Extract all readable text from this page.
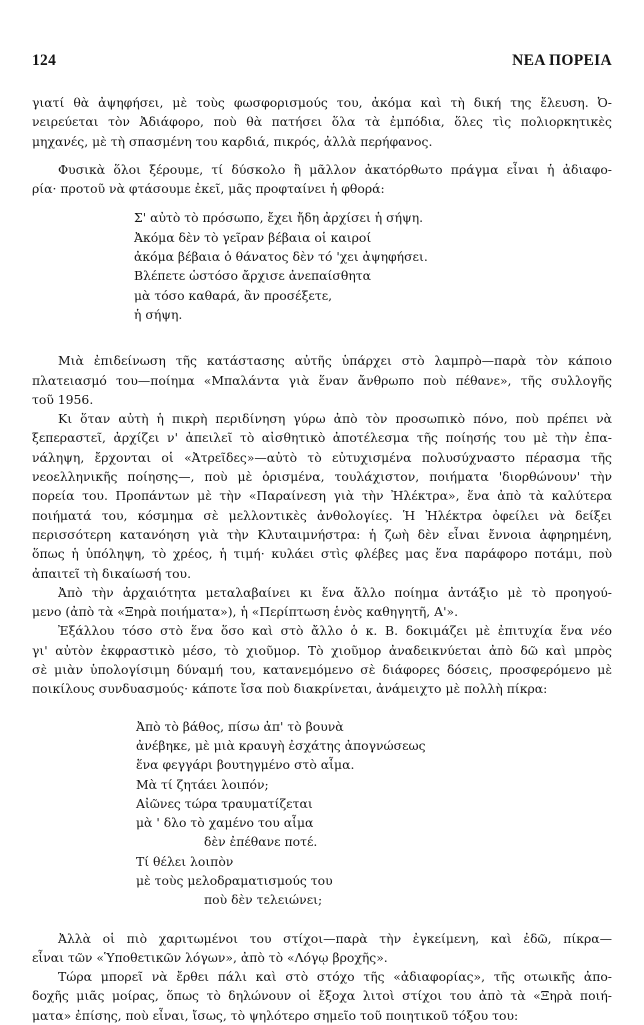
124	ΝΕΑ ΠΟΡΕΙΑ
γιατί θὰ ἀψηφήσει, μὲ τοὺς φωσφορισμούς του, ἀκόμα καὶ τὴ δική της ἔλευση. Ὀ-
νειρεύεται τὸν Ἀδιάφορο, ποὺ θὰ πατήσει ὅλα τὰ ἐμπόδια, ὅλες τὶς πολιορκητικὲς
μηχανές, μὲ τὴ σπασμένη του καρδιά, πικρός, ἀλλὰ περήφανος.
Φυσικὰ ὅλοι ξέρουμε, τί δύσκολο ἢ μᾶλλον ἀκατόρθωτο πράγμα εἶναι ἡ ἀδιαφο-
ρία· προτοῦ νὰ φτάσουμε ἐκεῖ, μᾶς προφταίνει ἡ φθορά:
Σ' αὐτὸ τὸ πρόσωπο, ἔχει ἤδη ἀρχίσει ἡ σήψη.
Ἀκόμα δὲν τὸ γεῖραν βέβαια οἱ καιροί
ἀκόμα βέβαια ὁ θάνατος δὲν τό 'χει ἀψηφήσει.
Βλέπετε ὡστόσο ἄρχισε ἀνεπαίσθητα
μὰ τόσο καθαρά, ἂν προσέξετε,
ἡ σήψη.
Μιὰ ἐπιδείνωση τῆς κατάστασης αὐτῆς ὑπάρχει στὸ λαμπρὸ—παρὰ τὸν κάποιο
πλατειασμό του—ποίημα «Μπαλάντα γιὰ ἕναν ἄνθρωπο ποὺ πέθανε», τῆς συλλογῆς
τοῦ 1956.
Κι ὅταν αὐτὴ ἡ πικρὴ περιδίνηση γύρω ἀπὸ τὸν προσωπικὸ πόνο, ποὺ πρέπει νὰ
ξεπεραστεῖ, ἀρχίζει ν' ἀπειλεῖ τὸ αἰσθητικὸ ἀποτέλεσμα τῆς ποίησής του μὲ τὴν ἐπα-
νάληψη, ἔρχονται οἱ «Ἀτρεῖδες»—αὐτὸ τὸ εὐτυχισμένα πολυσύχναστο πέρασμα τῆς
νεοελληνικῆς ποίησης—, ποὺ μὲ ὁρισμένα, τουλάχιστον, ποιήματα 'διορθώνουν' τὴν
πορεία του. Προπάντων μὲ τὴν «Παραίνεση γιὰ τὴν Ἠλέκτρα», ἕνα ἀπὸ τὰ καλύτερα
ποιήματά του, κόσμημα σὲ μελλοντικὲς ἀνθολογίες. Ἡ Ἠλέκτρα ὀφείλει νὰ δείξει
περισσότερη κατανόηση γιὰ τὴν Κλυταιμνήστρα: ἡ ζωὴ δὲν εἶναι ἔννοια ἀφηρημένη,
ὅπως ἡ ὑπόληψη, τὸ χρέος, ἡ τιμή· κυλάει στὶς φλέβες μας ἕνα παράφορο ποτάμι, ποὺ
ἀπαιτεῖ τὴ δικαίωσή του.
Ἀπὸ τὴν ἀρχαιότητα μεταλαβαίνει κι ἕνα ἄλλο ποίημα ἀντάξιο μὲ τὸ προηγού-
μενο (ἀπὸ τὰ «Ξηρὰ ποιήματα»), ἡ «Περίπτωση ἑνὸς καθηγητῆ, Α'».
Ἐξάλλου τόσο στὸ ἕνα ὅσο καὶ στὸ ἄλλο ὁ κ. Β. δοκιμάζει μὲ ἐπιτυχία ἕνα νέο
γι' αὐτὸν ἐκφραστικὸ μέσο, τὸ χιοῦμορ. Τὸ χιοῦμορ ἀναδεικνύεται ἀπὸ δῶ καὶ μπρὸς
σὲ μιὰν ὑπολογίσιμη δύναμή του, κατανεμόμενο σὲ διάφορες δόσεις, προσφερόμενο μὲ
ποικίλους συνδυασμούς· κάποτε ἴσα ποὺ διακρίνεται, ἀνάμειχτο μὲ πολλὴ πίκρα:
Ἀπὸ τὸ βάθος, πίσω ἀπ' τὸ βουνὰ
ἀνέβηκε, μὲ μιὰ κραυγὴ ἐσχάτης ἀπογνώσεως
ἕνα φεγγάρι βουτηγμένο στὸ αἷμα.
Μὰ τί ζητάει λοιπόν;
Αἰῶνες τώρα τραυματίζεται
μὰ ' δλο τὸ χαμένο του αἷμα
δὲν ἐπέθανε ποτέ.
Τί θέλει λοιπὸν
μὲ τοὺς μελοδραματισμούς του
ποὺ δὲν τελειώνει;
Ἀλλὰ οἱ πιὸ χαριτωμένοι του στίχοι—παρὰ τὴν ἐγκείμενη, καὶ ἐδῶ, πίκρα—
εἶναι τῶν «Ὑποθετικῶν λόγων», ἀπὸ τὸ «Λόγῳ βροχῆς».
Τώρα μπορεῖ νὰ ἔρθει πάλι καὶ στὸ στόχο τῆς «ἀδιαφορίας», τῆς οτωικῆς ἀπο-
δοχῆς μιᾶς μοίρας, ὅπως τὸ δηλώνουν οἱ ἔξοχα λιτοὶ στίχοι του ἀπὸ τὰ «Ξηρὰ ποιή-
ματα» ἐπίσης, ποὺ εἶναι, ἴσως, τὸ ψηλότερο σημεῖο τοῦ ποιητικοῦ τόξου του:
